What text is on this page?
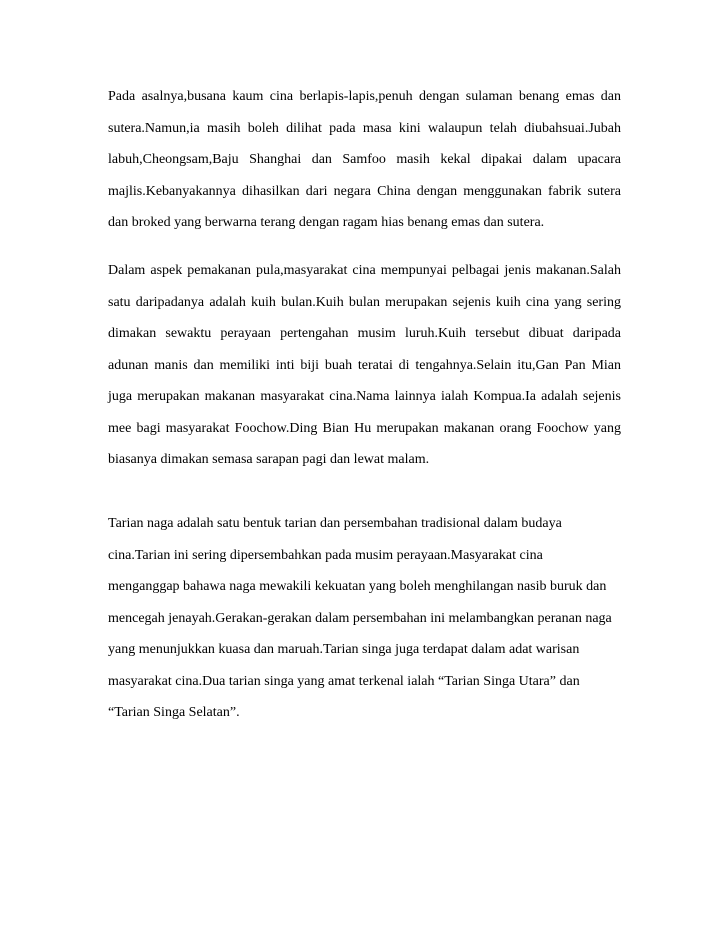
Pada asalnya,busana kaum cina berlapis-lapis,penuh dengan sulaman benang emas dan

sutera.Namun,ia masih boleh dilihat pada masa kini walaupun telah diubahsuai.Jubah

labuh,Cheongsam,Baju Shanghai dan Samfoo masih kekal dipakai dalam upacara

majlis.Kebanyakannya dihasilkan dari negara China dengan menggunakan fabrik sutera

dan broked yang berwarna terang dengan ragam hias benang emas dan sutera.

Dalam aspek pemakanan pula,masyarakat cina mempunyai pelbagai jenis makanan.Salah

satu daripadanya adalah kuih bulan.Kuih bulan merupakan sejenis kuih cina yang sering

dimakan sewaktu perayaan pertengahan musim luruh.Kuih tersebut dibuat daripada

adunan manis dan memiliki inti biji buah teratai di tengahnya.Selain itu,Gan Pan Mian

juga merupakan makanan masyarakat cina.Nama lainnya ialah Kompua.Ia adalah sejenis

mee bagi masyarakat Foochow.Ding Bian Hu merupakan makanan orang Foochow yang

biasanya dimakan semasa sarapan pagi dan lewat malam.

Tarian naga adalah satu bentuk tarian dan persembahan tradisional dalam budaya

cina.Tarian ini sering dipersembahkan pada musim perayaan.Masyarakat cina

menganggap bahawa naga mewakili kekuatan yang boleh menghilangan nasib buruk dan

mencegah jenayah.Gerakan-gerakan dalam persembahan ini melambangkan peranan naga

yang menunjukkan kuasa dan maruah.Tarian singa juga terdapat dalam adat warisan

masyarakat cina.Dua tarian singa yang amat terkenal ialah “Tarian Singa Utara” dan

“Tarian Singa Selatan”.
